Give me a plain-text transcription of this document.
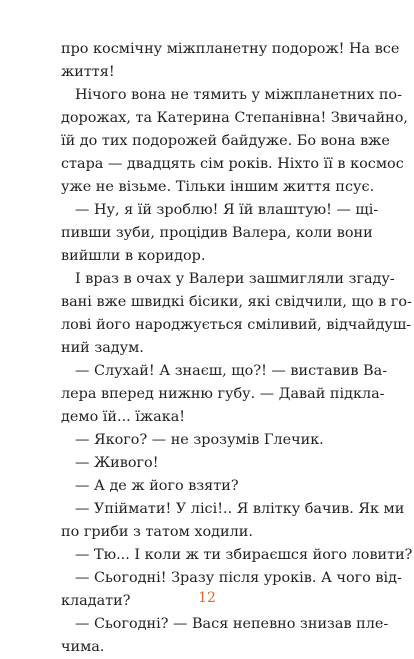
про космічну міжпланетну подорож! На все
життя!
Нічого вона не тямить у міжпланетних по-
дорожах, та Катерина Степанівна! Звичайно,
їй до тих подорожей байдуже. Бо вона вже
стара — двадцять сім років. Ніхто її в космос
уже не візьме. Тільки іншим життя псує.
— Ну, я їй зроблю! Я їй влаштую! — щі-
пивши зуби, процідив Валера, коли вони
вийшли в коридор.
І враз в очах у Валери зашмигляли згаду-
вані вже швидкі бісики, які свідчили, що в го-
лові його народжується сміливий, відчайдуш-
ний задум.
— Слухай! А знаєш, що?! — виставив Ва-
лера вперед нижню губу. — Давай підкла-
демо їй... їжака!
— Якого? — не зрозумів Глечик.
— Живого!
— А де ж його взяти?
— Упіймати! У лісі!.. Я влітку бачив. Як ми
по гриби з татом ходили.
— Тю... І коли ж ти збираєшся його ловити?
— Сьогодні! Зразу після уроків. А чого від-
кладати?
— Сьогодні? — Вася непевно знизав пле-
чима.
12
